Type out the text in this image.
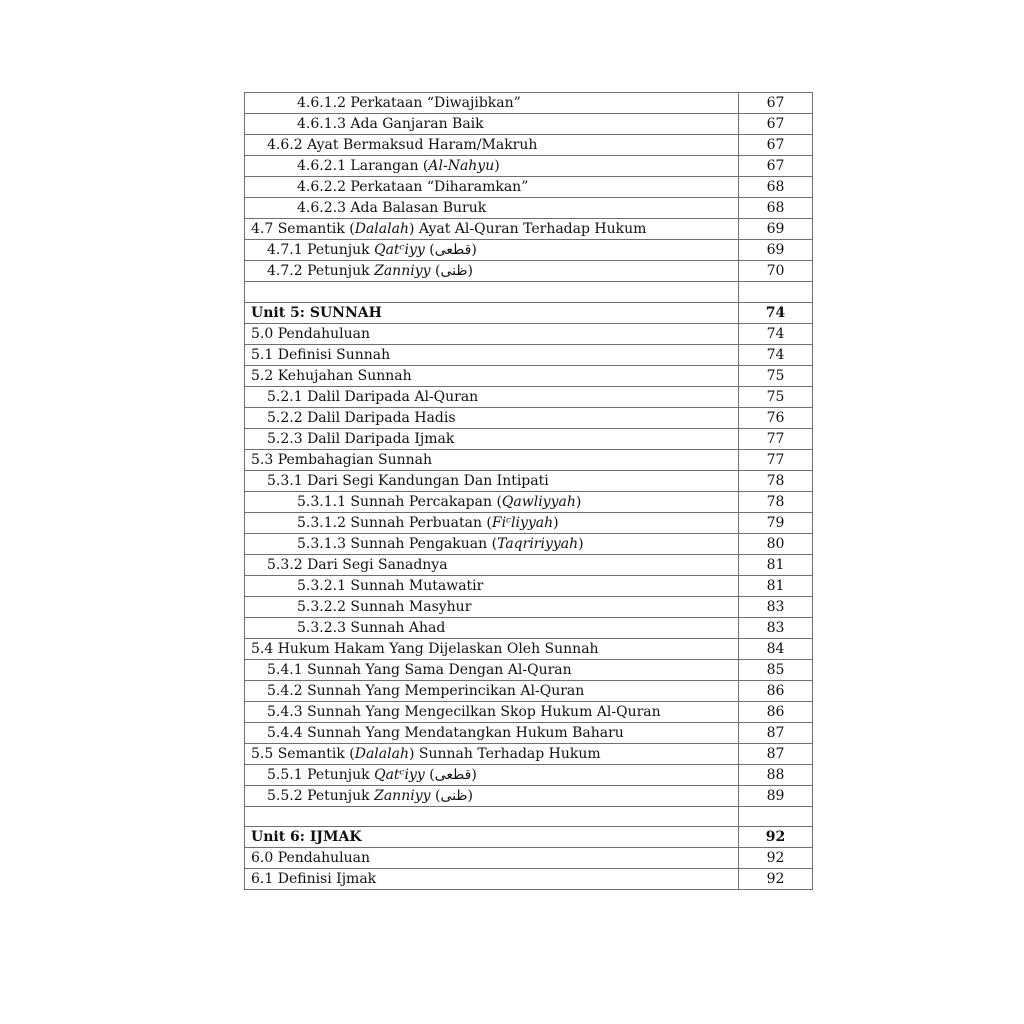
4.6.1.2 Perkataan “Diwajibkan”	67
4.6.1.3 Ada Ganjaran Baik	67
4.6.2 Ayat Bermaksud Haram/Makruh	67
4.6.2.1 Larangan (Al-Nahyu)	67
4.6.2.2 Perkataan “Diharamkan”	68
4.6.2.3 Ada Balasan Buruk	68
4.7 Semantik (Dalalah) Ayat Al-Quran Terhadap Hukum	69
4.7.1 Petunjuk Qatᶜiyy (قطعى)	69
4.7.2 Petunjuk Zanniyy (ظنى)	70

Unit 5: SUNNAH	74
5.0 Pendahuluan	74
5.1 Definisi Sunnah	74
5.2 Kehujahan Sunnah	75
5.2.1 Dalil Daripada Al-Quran	75
5.2.2 Dalil Daripada Hadis	76
5.2.3 Dalil Daripada Ijmak	77
5.3 Pembahagian Sunnah	77
5.3.1 Dari Segi Kandungan Dan Intipati	78
5.3.1.1 Sunnah Percakapan (Qawliyyah)	78
5.3.1.2 Sunnah Perbuatan (Fiᶜliyyah)	79
5.3.1.3 Sunnah Pengakuan (Taqririyyah)	80
5.3.2 Dari Segi Sanadnya	81
5.3.2.1 Sunnah Mutawatir	81
5.3.2.2 Sunnah Masyhur	83
5.3.2.3 Sunnah Ahad	83
5.4 Hukum Hakam Yang Dijelaskan Oleh Sunnah	84
5.4.1 Sunnah Yang Sama Dengan Al-Quran	85
5.4.2 Sunnah Yang Memperincikan Al-Quran	86
5.4.3 Sunnah Yang Mengecilkan Skop Hukum Al-Quran	86
5.4.4 Sunnah Yang Mendatangkan Hukum Baharu	87
5.5 Semantik (Dalalah) Sunnah Terhadap Hukum	87
5.5.1 Petunjuk Qatᶜiyy (قطعى)	88
5.5.2 Petunjuk Zanniyy (ظنى)	89

Unit 6: IJMAK	92
6.0 Pendahuluan	92
6.1 Definisi Ijmak	92
